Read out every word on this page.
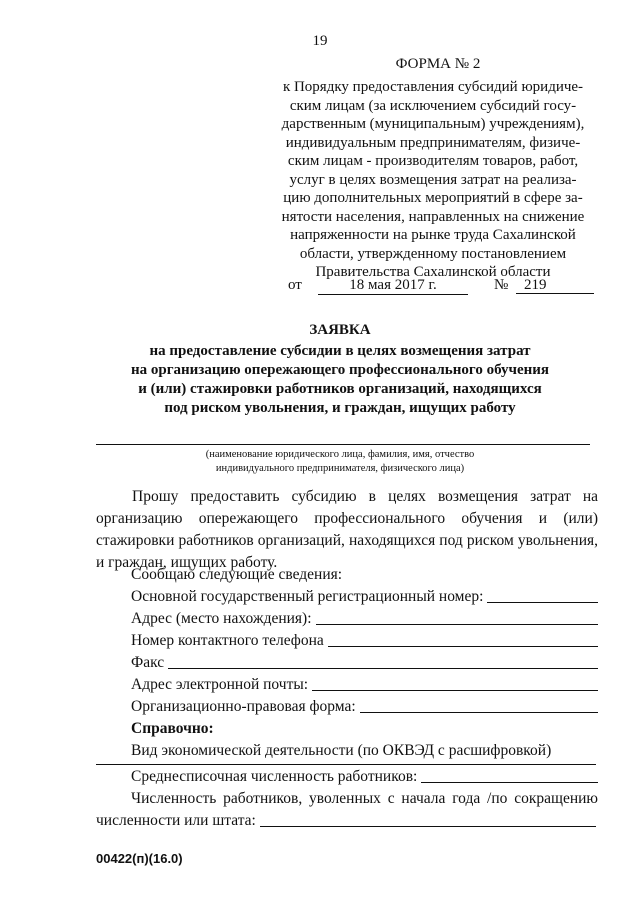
19
ФОРМА № 2
к Порядку предоставления субсидий юридиче-
ским лицам (за исключением субсидий госу-
дарственным (муниципальным) учреждениям),
индивидуальным предпринимателям, физиче-
ским лицам - производителям товаров, работ,
услуг в целях возмещения затрат на реализа-
цию дополнительных мероприятий в сфере за-
нятости населения, направленных на снижение
напряженности на рынке труда Сахалинской
области, утвержденному постановлением
Правительства Сахалинской области
от	18 мая 2017 г.	№	219
ЗАЯВКА
на предоставление субсидии в целях возмещения затрат
на организацию опережающего профессионального обучения
и (или) стажировки работников организаций, находящихся
под риском увольнения, и граждан, ищущих работу
(наименование юридического лица, фамилия, имя, отчество
индивидуального предпринимателя, физического лица)
Прошу предоставить субсидию в целях возмещения затрат на организацию опережающего профессионального обучения и (или) стажировки работников организаций, находящихся под риском увольнения, и граждан, ищущих работу.
Сообщаю следующие сведения:
Основной государственный регистрационный номер:
Адрес (место нахождения):
Номер контактного телефона
Факс
Адрес электронной почты:
Организационно-правовая форма:
Справочно:
Вид экономической деятельности (по ОКВЭД с расшифровкой)
Среднесписочная численность работников:
Численность работников, уволенных с начала года /по сокращению
численности или штата:
00422(п)(16.0)
